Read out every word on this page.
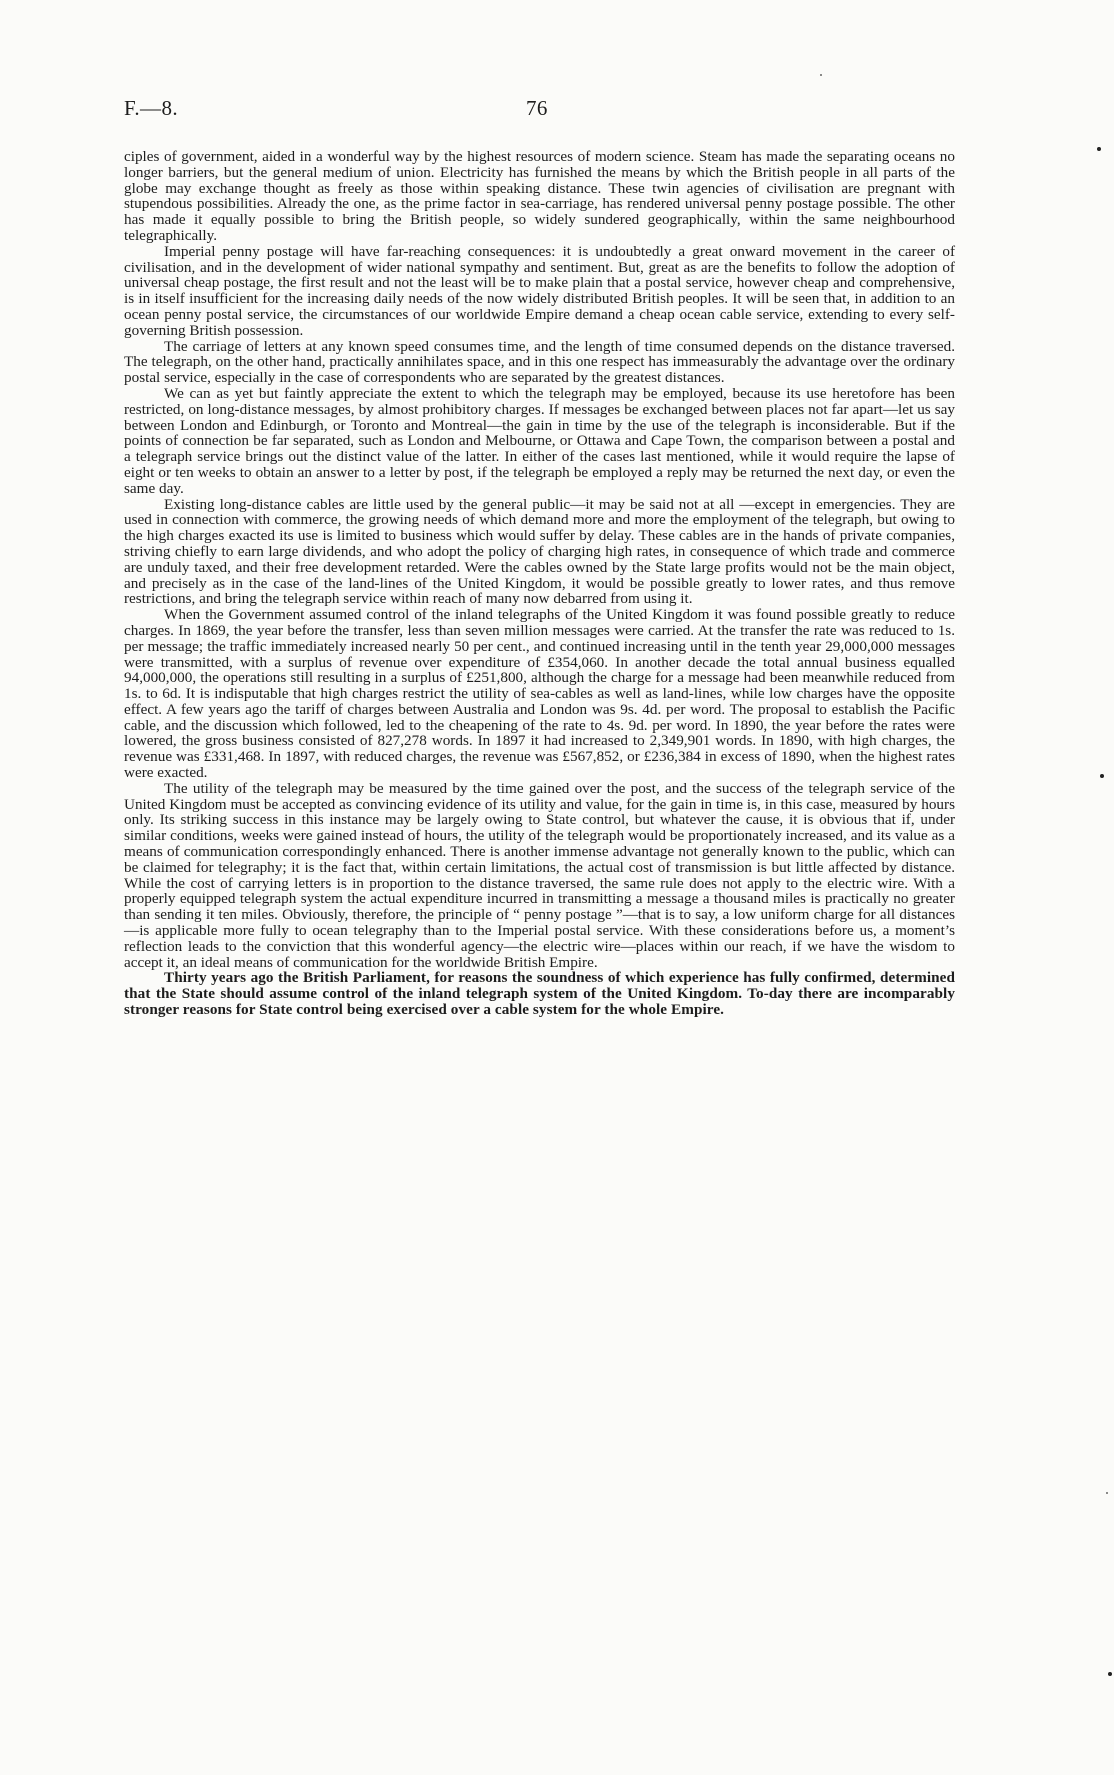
F.—8.	76

ciples of government, aided in a wonderful way by the highest resources of modern science. Steam has made the separating oceans no longer barriers, but the general medium of union. Electricity has furnished the means by which the British people in all parts of the globe may exchange thought as freely as those within speaking distance. These twin agencies of civilisation are pregnant with stupendous possibilities. Already the one, as the prime factor in sea-carriage, has rendered universal penny postage possible. The other has made it equally possible to bring the British people, so widely sundered geographically, within the same neighbourhood telegraphically.

Imperial penny postage will have far-reaching consequences: it is undoubtedly a great onward movement in the career of civilisation, and in the development of wider national sympathy and sentiment. But, great as are the benefits to follow the adoption of universal cheap postage, the first result and not the least will be to make plain that a postal service, however cheap and comprehensive, is in itself insufficient for the increasing daily needs of the now widely distributed British peoples. It will be seen that, in addition to an ocean penny postal service, the circumstances of our worldwide Empire demand a cheap ocean cable service, extending to every self-governing British possession.

The carriage of letters at any known speed consumes time, and the length of time consumed depends on the distance traversed. The telegraph, on the other hand, practically annihilates space, and in this one respect has immeasurably the advantage over the ordinary postal service, especially in the case of correspondents who are separated by the greatest distances.

We can as yet but faintly appreciate the extent to which the telegraph may be employed, because its use heretofore has been restricted, on long-distance messages, by almost prohibitory charges. If messages be exchanged between places not far apart—let us say between London and Edinburgh, or Toronto and Montreal—the gain in time by the use of the telegraph is inconsiderable. But if the points of connection be far separated, such as London and Melbourne, or Ottawa and Cape Town, the comparison between a postal and a telegraph service brings out the distinct value of the latter. In either of the cases last mentioned, while it would require the lapse of eight or ten weeks to obtain an answer to a letter by post, if the telegraph be employed a reply may be returned the next day, or even the same day.

Existing long-distance cables are little used by the general public—it may be said not at all —except in emergencies. They are used in connection with commerce, the growing needs of which demand more and more the employment of the telegraph, but owing to the high charges exacted its use is limited to business which would suffer by delay. These cables are in the hands of private companies, striving chiefly to earn large dividends, and who adopt the policy of charging high rates, in consequence of which trade and commerce are unduly taxed, and their free development retarded. Were the cables owned by the State large profits would not be the main object, and precisely as in the case of the land-lines of the United Kingdom, it would be possible greatly to lower rates, and thus remove restrictions, and bring the telegraph service within reach of many now debarred from using it.

When the Government assumed control of the inland telegraphs of the United Kingdom it was found possible greatly to reduce charges. In 1869, the year before the transfer, less than seven million messages were carried. At the transfer the rate was reduced to 1s. per message; the traffic immediately increased nearly 50 per cent., and continued increasing until in the tenth year 29,000,000 messages were transmitted, with a surplus of revenue over expenditure of £354,060. In another decade the total annual business equalled 94,000,000, the operations still resulting in a surplus of £251,800, although the charge for a message had been meanwhile reduced from 1s. to 6d. It is indisputable that high charges restrict the utility of sea-cables as well as land-lines, while low charges have the opposite effect. A few years ago the tariff of charges between Australia and London was 9s. 4d. per word. The proposal to establish the Pacific cable, and the discussion which followed, led to the cheapening of the rate to 4s. 9d. per word. In 1890, the year before the rates were lowered, the gross business consisted of 827,278 words. In 1897 it had increased to 2,349,901 words. In 1890, with high charges, the revenue was £331,468. In 1897, with reduced charges, the revenue was £567,852, or £236,384 in excess of 1890, when the highest rates were exacted.

The utility of the telegraph may be measured by the time gained over the post, and the success of the telegraph service of the United Kingdom must be accepted as convincing evidence of its utility and value, for the gain in time is, in this case, measured by hours only. Its striking success in this instance may be largely owing to State control, but whatever the cause, it is obvious that if, under similar conditions, weeks were gained instead of hours, the utility of the telegraph would be proportionately increased, and its value as a means of communication correspondingly enhanced. There is another immense advantage not generally known to the public, which can be claimed for telegraphy; it is the fact that, within certain limitations, the actual cost of transmission is but little affected by distance. While the cost of carrying letters is in proportion to the distance traversed, the same rule does not apply to the electric wire. With a properly equipped telegraph system the actual expenditure incurred in transmitting a message a thousand miles is practically no greater than sending it ten miles. Obviously, therefore, the principle of “ penny postage ”—that is to say, a low uniform charge for all distances—is applicable more fully to ocean telegraphy than to the Imperial postal service. With these considerations before us, a moment’s reflection leads to the conviction that this wonderful agency—the electric wire—places within our reach, if we have the wisdom to accept it, an ideal means of communication for the worldwide British Empire.

Thirty years ago the British Parliament, for reasons the soundness of which experience has fully confirmed, determined that the State should assume control of the inland telegraph system of the United Kingdom. To-day there are incomparably stronger reasons for State control being exercised over a cable system for the whole Empire.
